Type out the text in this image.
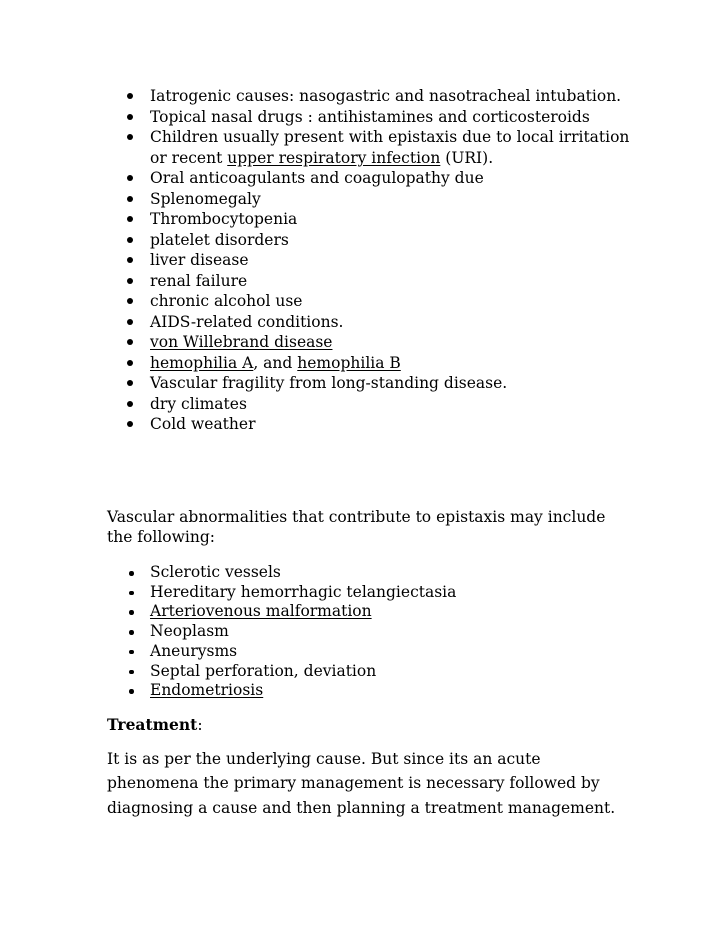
Iatrogenic causes: nasogastric and nasotracheal intubation.
Topical nasal drugs : antihistamines and corticosteroids
Children usually present with epistaxis due to local irritation or recent upper respiratory infection (URI).
Oral anticoagulants and coagulopathy due
Splenomegaly
Thrombocytopenia
platelet disorders
liver disease
renal failure
chronic alcohol use
AIDS-related conditions.
von Willebrand disease
hemophilia A, and hemophilia B
Vascular fragility from long-standing disease.
dry climates
Cold weather

Vascular abnormalities that contribute to epistaxis may include the following:

Sclerotic vessels
Hereditary hemorrhagic telangiectasia
Arteriovenous malformation
Neoplasm
Aneurysms
Septal perforation, deviation
Endometriosis

Treatment:

It is as per the underlying cause. But since its an acute phenomena the primary management is necessary followed by diagnosing a cause and then planning a treatment management.
